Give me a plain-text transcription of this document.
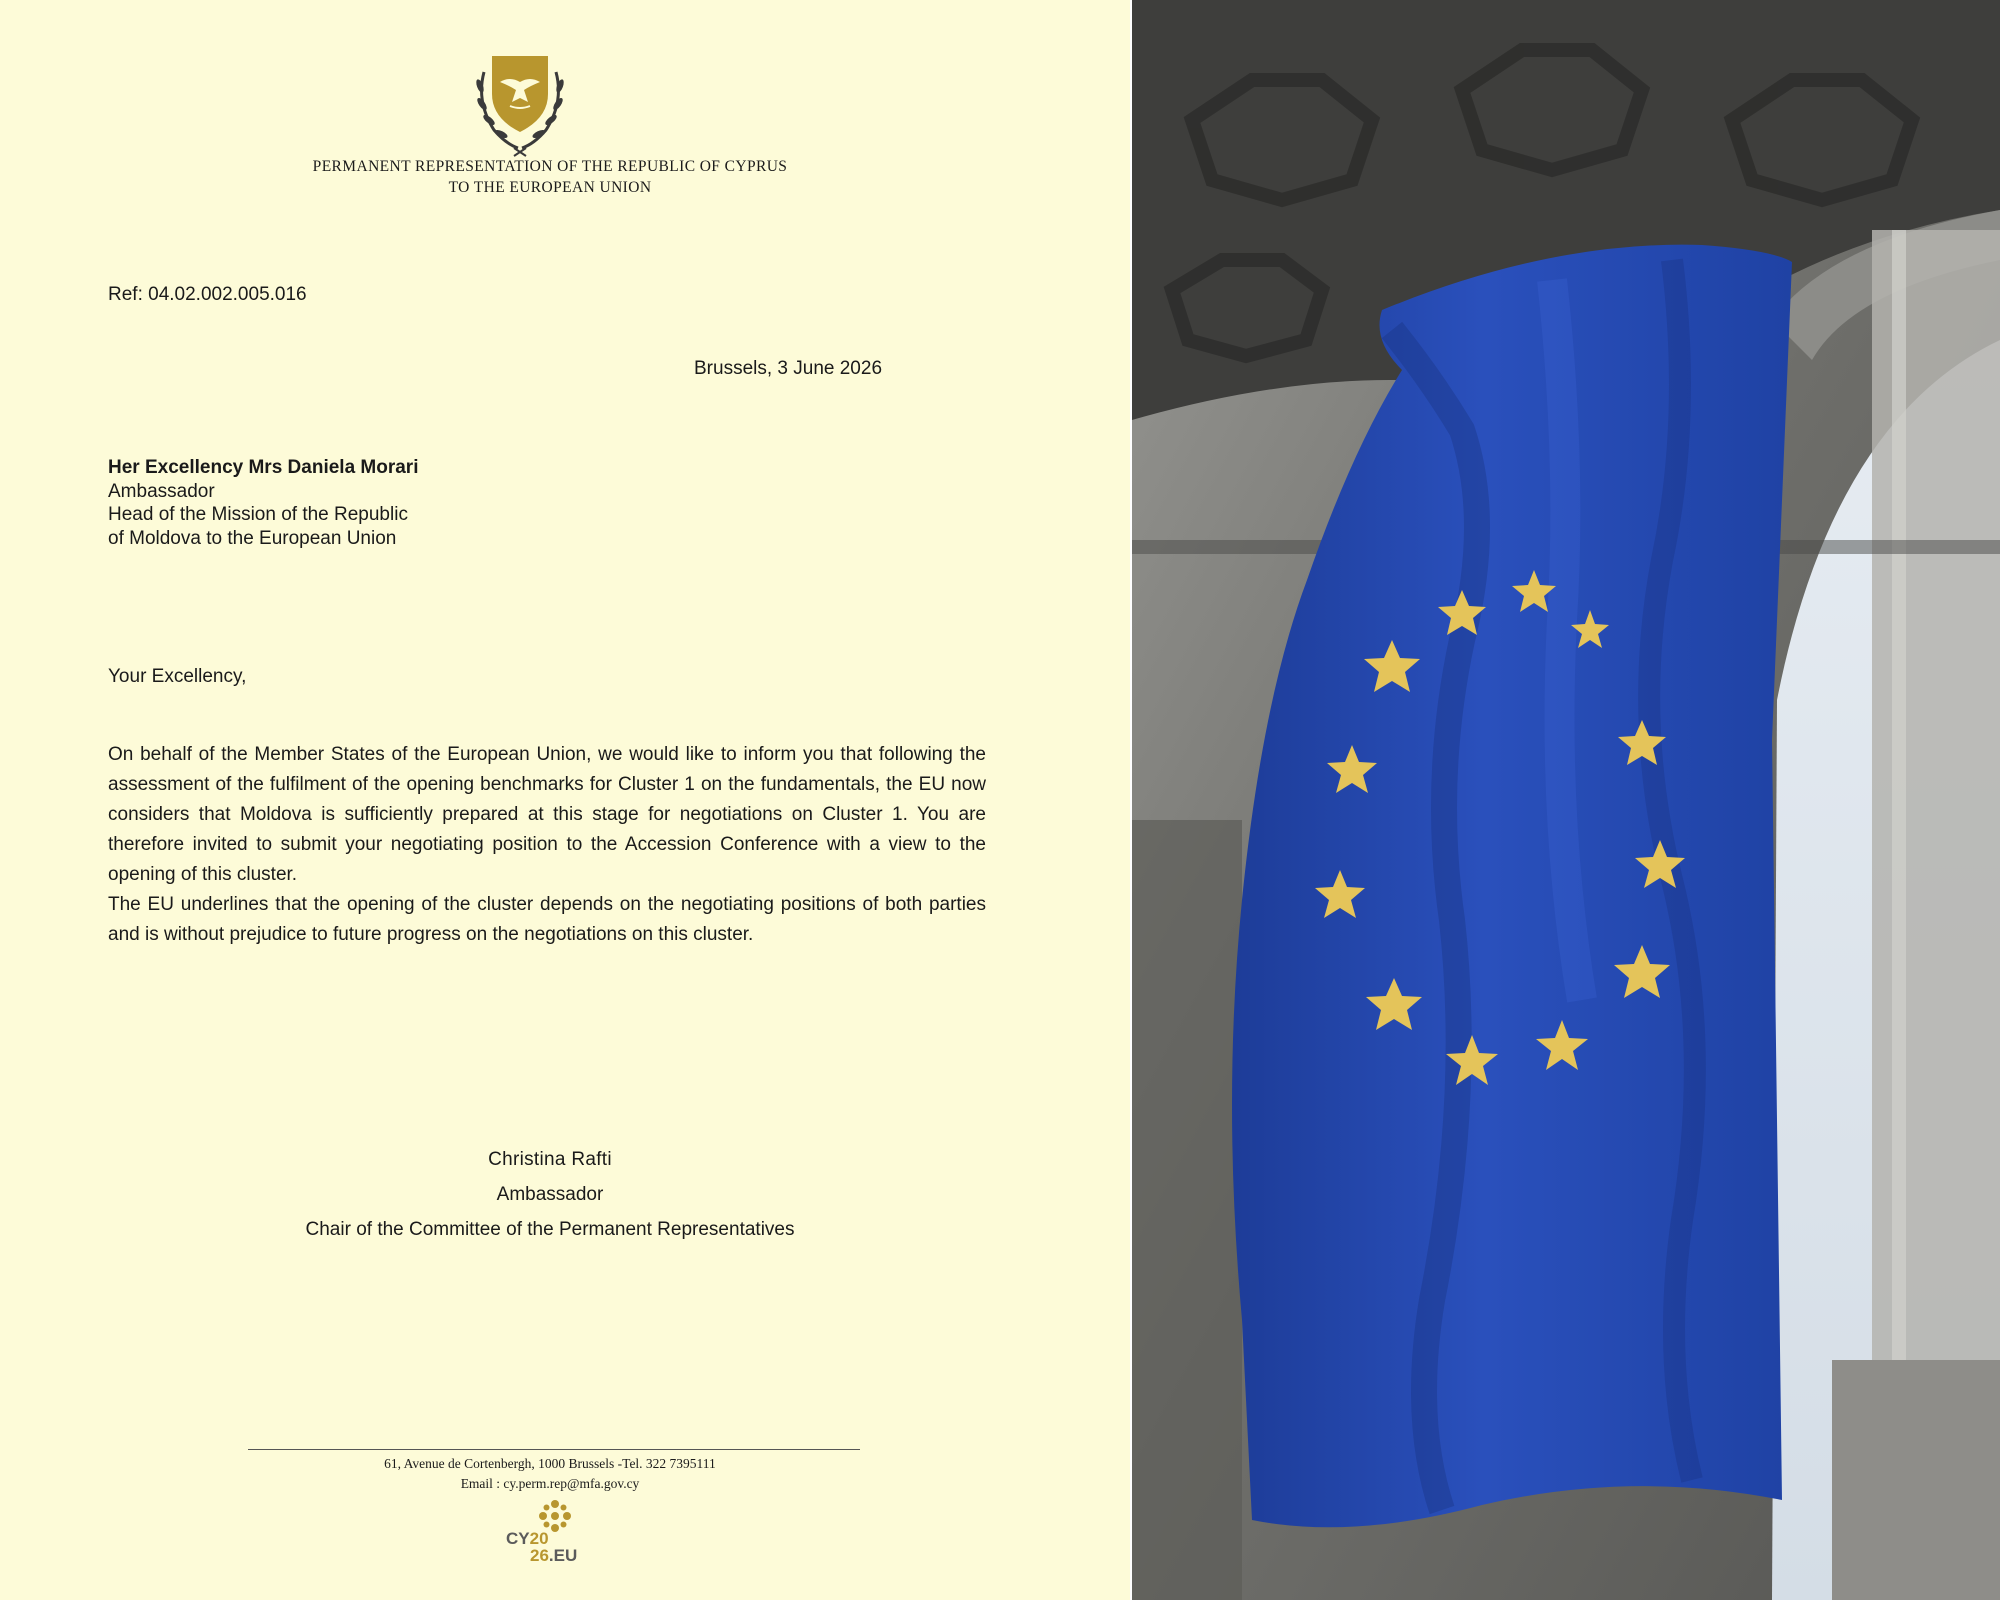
PERMANENT REPRESENTATION OF THE REPUBLIC OF CYPRUS
TO THE EUROPEAN UNION
Ref: 04.02.002.005.016
Brussels, 3 June 2026
Her Excellency Mrs Daniela Morari
Ambassador
Head of the Mission of the Republic
of Moldova to the European Union
Your Excellency,

On behalf of the Member States of the European Union, we would like to inform you that following the assessment of the fulfilment of the opening benchmarks for Cluster 1 on the fundamentals, the EU now considers that Moldova is sufficiently prepared at this stage for negotiations on Cluster 1. You are therefore invited to submit your negotiating position to the Accession Conference with a view to the opening of this cluster.

The EU underlines that the opening of the cluster depends on the negotiating positions of both parties and is without prejudice to future progress on the negotiations on this cluster.

Christina Rafti
Ambassador
Chair of the Committee of the Permanent Representatives
61, Avenue de Cortenbergh, 1000 Brussels -Tel. 322 7395111
Email : cy.perm.rep@mfa.gov.cy
CY20
26.EU
